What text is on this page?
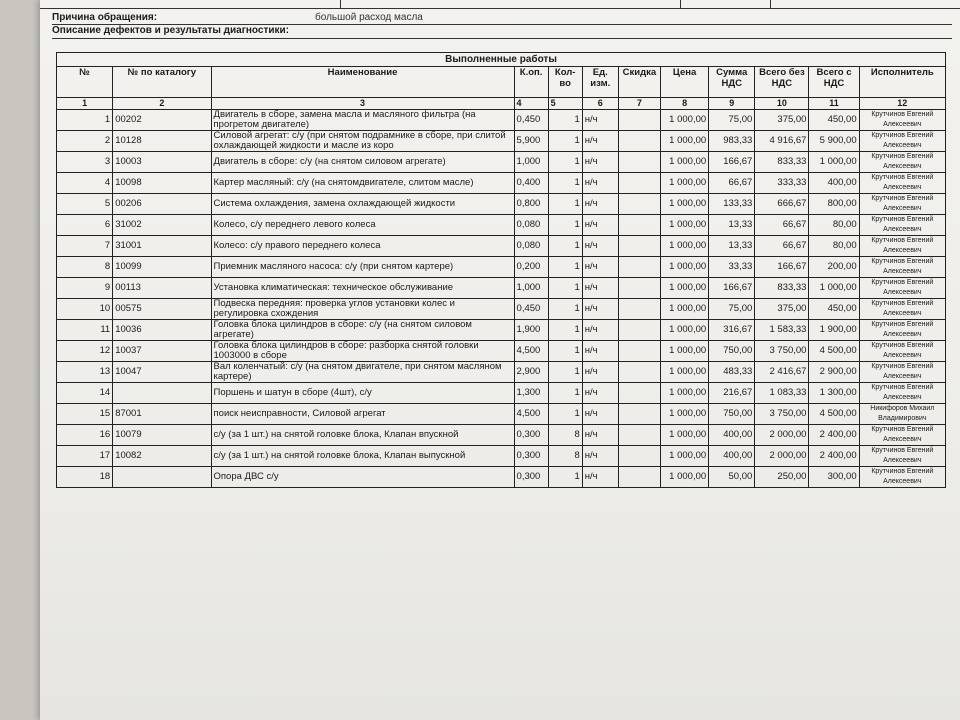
Причина обращения:	большой расход масла
Описание дефектов и результаты диагностики:
Выполненные работы
№	№ по каталогу	Наименование	К.оп.	Кол-во	Ед. изм.	Скидка	Цена	Сумма НДС	Всего без НДС	Всего с НДС	Исполнитель
1	2	3	4	5	6	7	8	9	10	11	12
1	00202	Двигатель в сборе, замена масла и масляного фильтра (на прогретом двигателе)	0,450	1	н/ч		1 000,00	75,00	375,00	450,00	Крутчинов Евгений Алексеевич
2	10128	Силовой агрегат: с/у (при снятом подрамнике в сборе, при слитой охлаждающей жидкости и масле из коро	5,900	1	н/ч		1 000,00	983,33	4 916,67	5 900,00	Крутчинов Евгений Алексеевич
3	10003	Двигатель в сборе: с/у (на снятом силовом агрегате)	1,000	1	н/ч		1 000,00	166,67	833,33	1 000,00	Крутчинов Евгений Алексеевич
4	10098	Картер масляный: с/у (на снятомдвигателе, слитом масле)	0,400	1	н/ч		1 000,00	66,67	333,33	400,00	Крутчинов Евгений Алексеевич
5	00206	Система охлаждения, замена охлаждающей жидкости	0,800	1	н/ч		1 000,00	133,33	666,67	800,00	Крутчинов Евгений Алексеевич
6	31002	Колесо, с/у переднего левого колеса	0,080	1	н/ч		1 000,00	13,33	66,67	80,00	Крутчинов Евгений Алексеевич
7	31001	Колесо: с/у правого переднего колеса	0,080	1	н/ч		1 000,00	13,33	66,67	80,00	Крутчинов Евгений Алексеевич
8	10099	Приемник масляного насоса: с/у (при снятом картере)	0,200	1	н/ч		1 000,00	33,33	166,67	200,00	Крутчинов Евгений Алексеевич
9	00113	Установка климатическая: техническое обслуживание	1,000	1	н/ч		1 000,00	166,67	833,33	1 000,00	Крутчинов Евгений Алексеевич
10	00575	Подвеска передняя: проверка углов установки колес и регулировка схождения	0,450	1	н/ч		1 000,00	75,00	375,00	450,00	Крутчинов Евгений Алексеевич
11	10036	Головка блока цилиндров в сборе: с/у (на снятом силовом агрегате)	1,900	1	н/ч		1 000,00	316,67	1 583,33	1 900,00	Крутчинов Евгений Алексеевич
12	10037	Головка блока цилиндров в сборе: разборка снятой головки 1003000 в сборе	4,500	1	н/ч		1 000,00	750,00	3 750,00	4 500,00	Крутчинов Евгений Алексеевич
13	10047	Вал коленчатый: с/у (на снятом двигателе, при снятом масляном картере)	2,900	1	н/ч		1 000,00	483,33	2 416,67	2 900,00	Крутчинов Евгений Алексеевич
14		Поршень и шатун в сборе (4шт), с/у	1,300	1	н/ч		1 000,00	216,67	1 083,33	1 300,00	Крутчинов Евгений Алексеевич
15	87001	поиск неисправности, Силовой агрегат	4,500	1	н/ч		1 000,00	750,00	3 750,00	4 500,00	Никифоров Михаил Владимирович
16	10079	с/у (за 1 шт.) на снятой головке блока, Клапан впускной	0,300	8	н/ч		1 000,00	400,00	2 000,00	2 400,00	Крутчинов Евгений Алексеевич
17	10082	с/у (за 1 шт.) на снятой головке блока, Клапан выпускной	0,300	8	н/ч		1 000,00	400,00	2 000,00	2 400,00	Крутчинов Евгений Алексеевич
18		Опора ДВС с/у	0,300	1	н/ч		1 000,00	50,00	250,00	300,00	Крутчинов Евгений Алексеевич
